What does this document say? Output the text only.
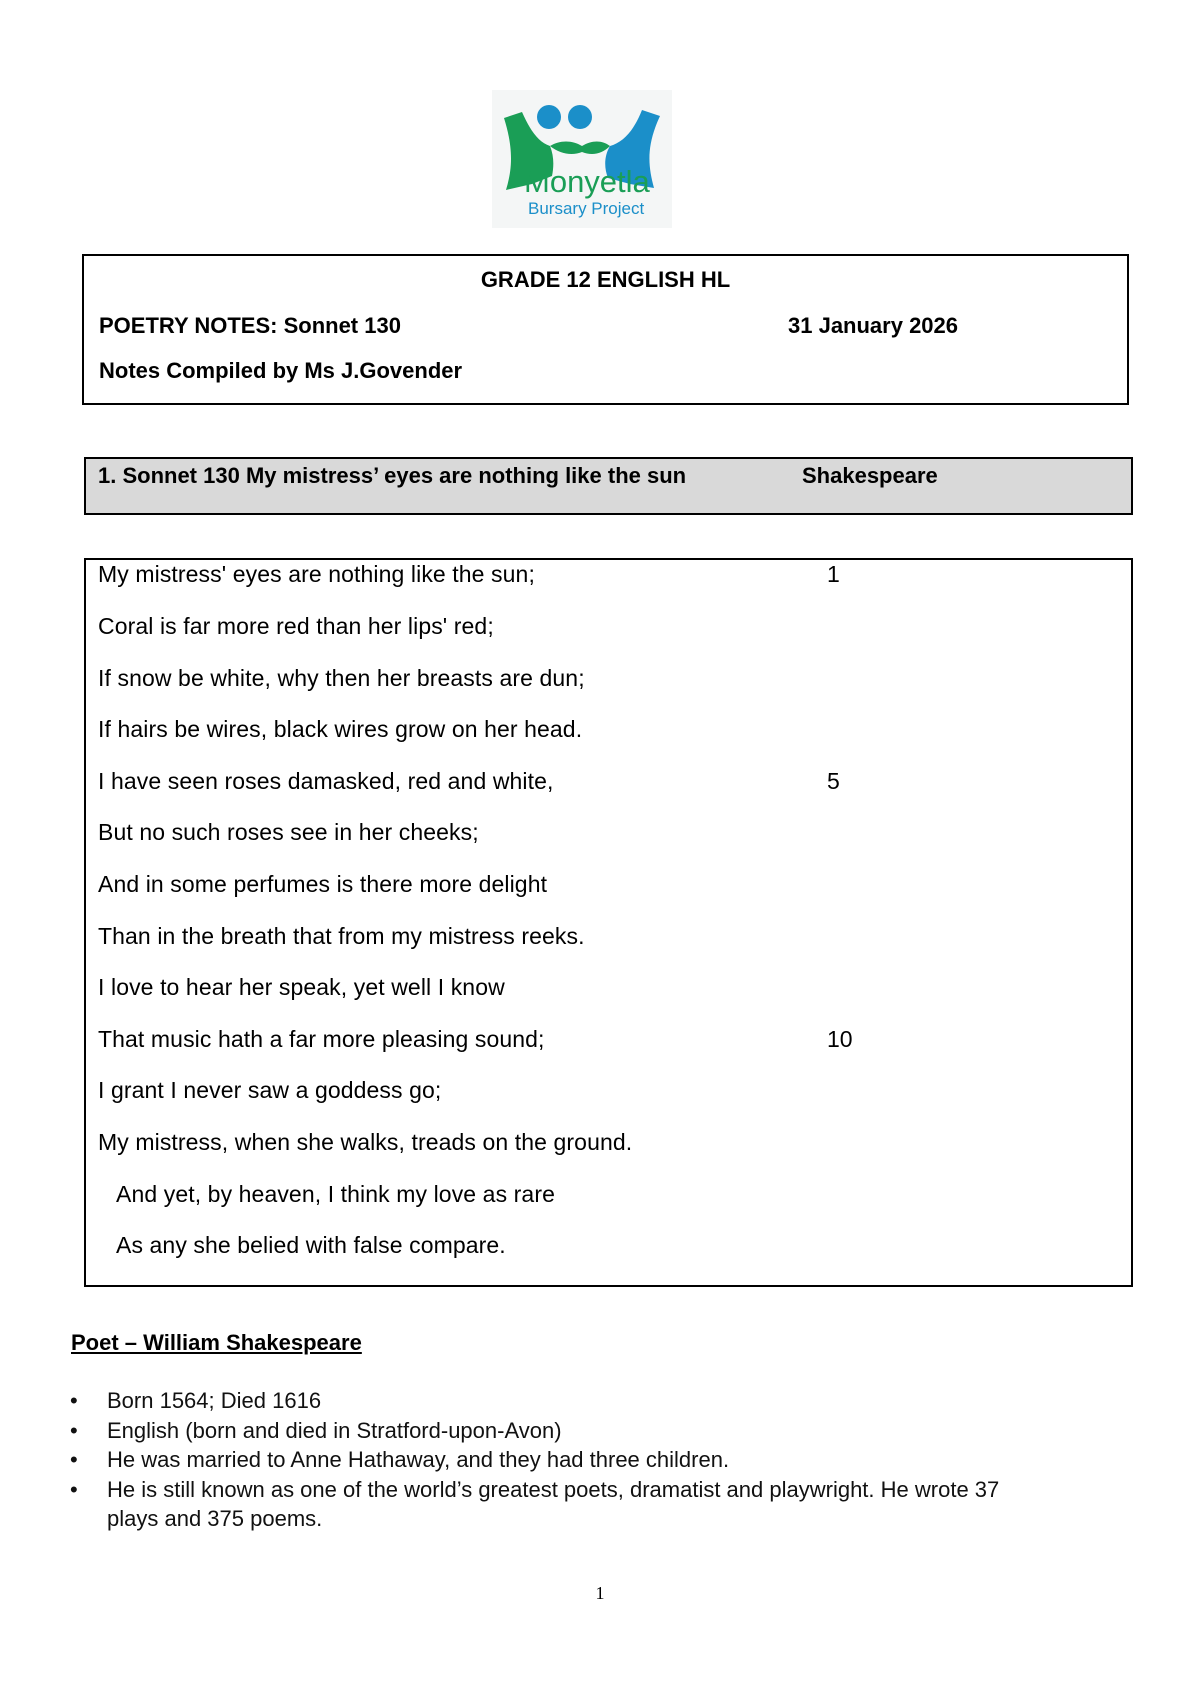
Monyetla
Bursary Project
GRADE 12 ENGLISH HL
POETRY NOTES: Sonnet 130	31 January 2026
Notes Compiled by Ms J.Govender
1. Sonnet 130 My mistress’ eyes are nothing like the sun	Shakespeare
My mistress' eyes are nothing like the sun;
Coral is far more red than her lips' red;
If snow be white, why then her breasts are dun;
If hairs be wires, black wires grow on her head.
I have seen roses damasked, red and white,
But no such roses see in her cheeks;
And in some perfumes is there more delight
Than in the breath that from my mistress reeks.
I love to hear her speak, yet well I know
That music hath a far more pleasing sound;
I grant I never saw a goddess go;
My mistress, when she walks, treads on the ground.
And yet, by heaven, I think my love as rare
As any she belied with false compare.
1
5
10
Poet – William Shakespeare
• Born 1564; Died 1616
• English (born and died in Stratford-upon-Avon)
• He was married to Anne Hathaway, and they had three children.
• He is still known as one of the world’s greatest poets, dramatist and playwright. He wrote 37 plays and 375 poems.
1
